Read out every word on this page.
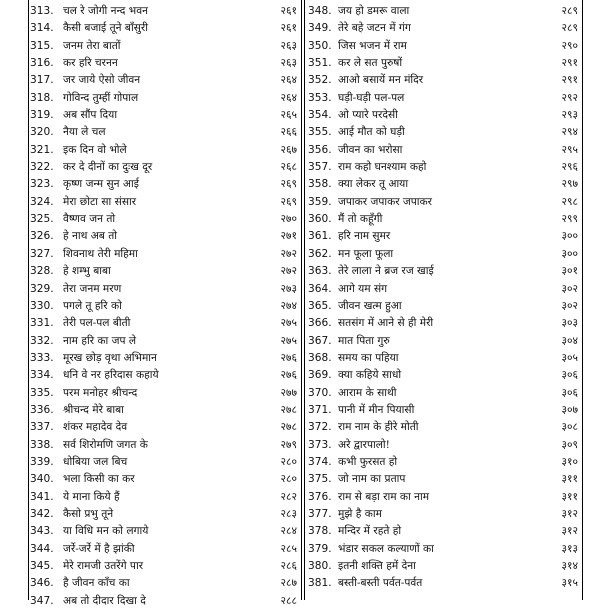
313. चल रे जोगी नन्द भवन	२६१
314. कैसी बजाई तूने बाँसुरी	२६१
315. जनम तेरा बातों	२६३
316. कर हरि चरनन	२६३
317. जर जाये ऐसो जीवन	२६४
318. गोविन्द तुम्हीं गोपाल	२६४
319. अब सौंप दिया	२६५
320. नैया ले चल	२६६
321. इक दिन वो भोले	२६७
322. कर दे दीनों का दुःख दूर	२६८
323. कृष्ण जन्म सुन आई	२६९
324. मेरा छोटा सा संसार	२६९
325. वैष्णव जन तो	२७०
326. हे नाथ अब तो	२७१
327. शिवनाथ तेरी महिमा	२७२
328. हे शम्भु बाबा	२७२
329. तेरा जनम मरण	२७३
330. पगले तू हरि को	२७४
331. तेरी पल-पल बीती	२७५
332. नाम हरि का जप ले	२७५
333. मूरख छोड़ वृथा अभिमान	२७६
334. धनि वे नर हरिदास कहाये	२७६
335. परम मनोहर श्रीचन्द	२७७
336. श्रीचन्द मेरे बाबा	२७८
337. शंकर महादेव देव	२७८
338. सर्व शिरोमणि जगत के	२७९
339. धोबिया जल बिच	२८०
340. भला किसी का कर	२८०
341. ये माना किये हैं	२८२
342. कैसो प्रभु तूने	२८३
343. या विधि मन को लगाये	२८४
344. जर्रे-जर्रे में है झांकी	२८५
345. मेरे रामजी उतरेंगे पार	२८६
346. है जीवन काँच का	२८७
347. अब तो दीदार दिखा दे	२८८
348. जय हो डमरू वाला	२८९
349. तेरे बहे जटन में गंग	२८९
350. जिस भजन में राम	२९०
351. कर ले सत पुरुषों	२९१
352. आओ बसायें मन मंदिर	२९१
353. घड़ी-घड़ी पल-पल	२९२
354. ओ प्यारे परदेसी	२९३
355. आई मौत को घड़ी	२९४
356. जीवन का भरोसा	२९५
357. राम कहो घनश्याम कहो	२९६
358. क्या लेकर तू आया	२९७
359. जपाकर जपाकर जपाकर	२९८
360. मैं तो कहूँगी	२९९
361. हरि नाम सुमर	३००
362. मन फूला फूला	३००
363. तेरे लाला ने ब्रज रज खाई	३०१
364. आगे यम संग	३०२
365. जीवन खत्म हुआ	३०२
366. सतसंग में आने से ही मेरी	३०३
367. मात पिता गुरु	३०४
368. समय का पहिया	३०५
369. क्या कहिये साधो	३०६
370. आराम के साथी	३०६
371. पानी में मीन पियासी	३०७
372. राम नाम के हीरे मोती	३०८
373. अरे द्वारपालो!	३०९
374. कभी फुरसत हो	३१०
375. जो नाम का प्रताप	३११
376. राम से बड़ा राम का नाम	३११
377. मुझे है काम	३१२
378. मन्दिर में रहते हो	३१२
379. भंडार सकल कल्याणों का	३१३
380. इतनी शक्ति हमें देना	३१४
381. बस्ती-बस्ती पर्वत-पर्वत	३१५
